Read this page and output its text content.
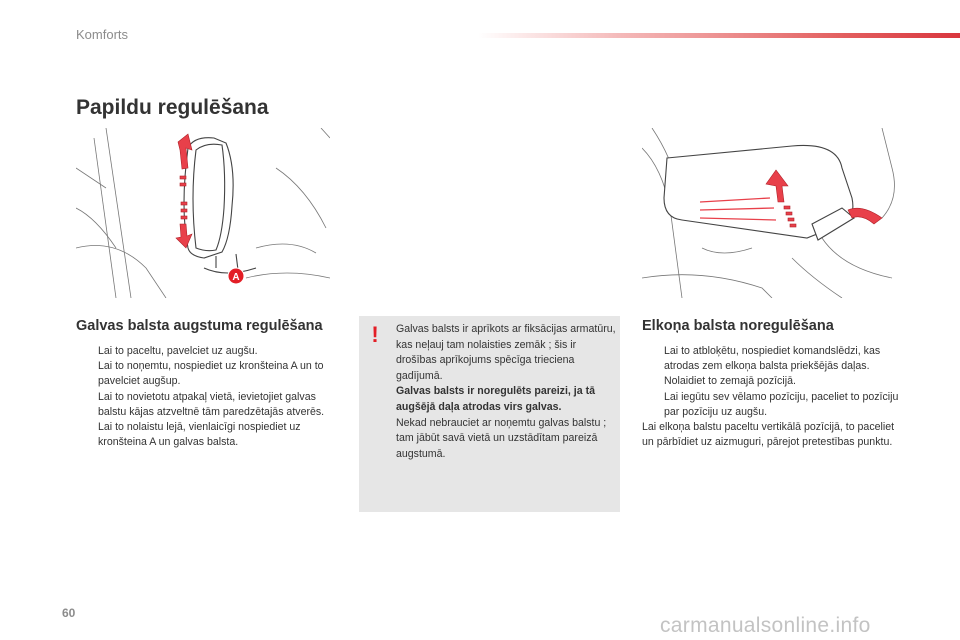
Komforts
Papildu regulēšana
A
Galvas balsta augstuma regulēšana
Lai to paceltu, pavelciet uz augšu.
Lai to noņemtu, nospiediet uz kronšteina A un to pavelciet augšup.
Lai to novietotu atpakaļ vietā, ievietojiet galvas balstu kājas atzveltnē tām paredzētajās atverēs.
Lai to nolaistu lejā, vienlaicīgi nospiediet uz kronšteina A un galvas balsta.
!	Galvas balsts ir aprīkots ar fiksācijas armatūru, kas neļauj tam nolaisties zemāk ; šis ir drošības aprīkojums spēcīga trieciena gadījumā.
Galvas balsts ir noregulēts pareizi, ja tā augšējā daļa atrodas virs galvas.
Nekad nebrauciet ar noņemtu galvas balstu ; tam jābūt savā vietā un uzstādītam pareizā augstumā.
Elkoņa balsta noregulēšana
Lai to atbloķētu, nospiediet komandslēdzi, kas atrodas zem elkoņa balsta priekšējās daļas.
Nolaidiet to zemajā pozīcijā.
Lai iegūtu sev vēlamo pozīciju, paceliet to pozīciju par pozīciju uz augšu.
Lai elkoņa balstu paceltu vertikālā pozīcijā, to paceliet un pārbīdiet uz aizmuguri, pārejot pretestības punktu.
60
carmanualsonline.info
